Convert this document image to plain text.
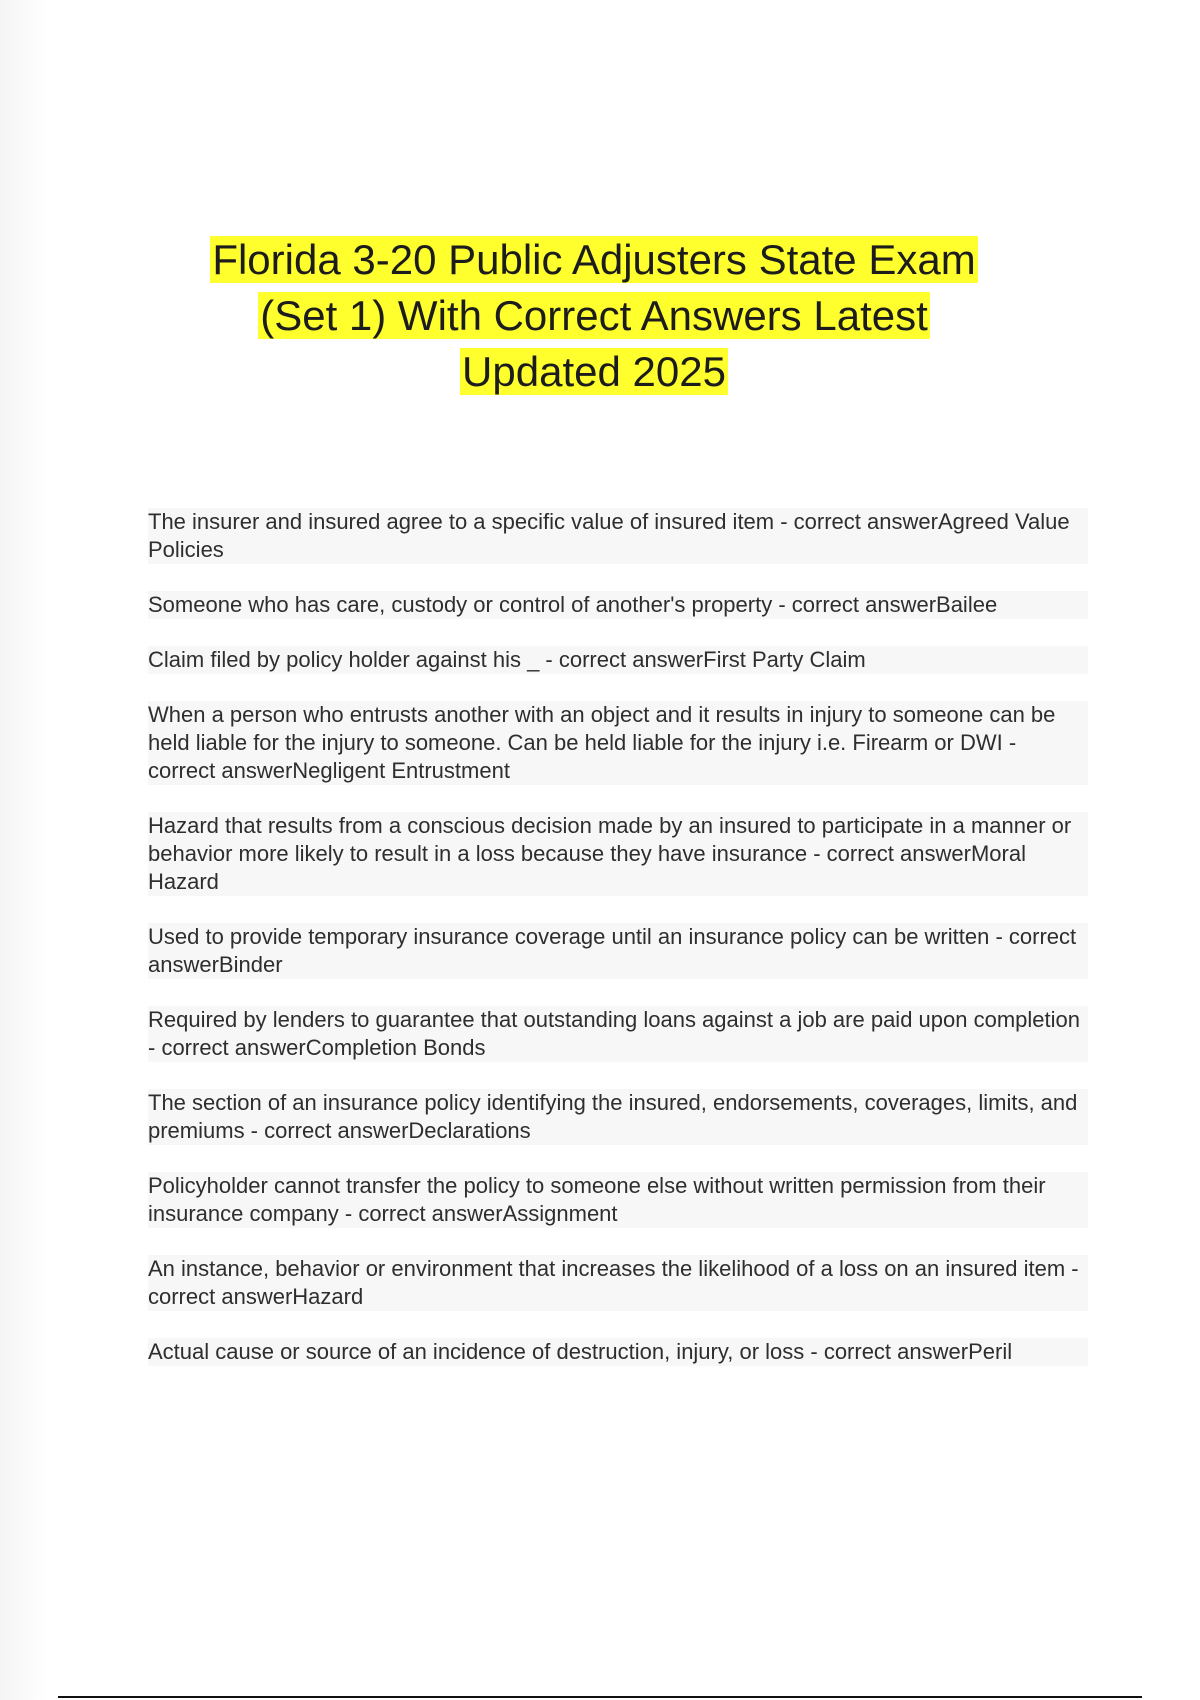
Florida 3-20 Public Adjusters State Exam
(Set 1) With Correct Answers Latest
Updated 2025
The insurer and insured agree to a specific value of insured item - correct answerAgreed Value Policies
Someone who has care, custody or control of another's property - correct answerBailee
Claim filed by policy holder against his _ - correct answerFirst Party Claim
When a person who entrusts another with an object and it results in injury to someone can be held liable for the injury to someone. Can be held liable for the injury i.e. Firearm or DWI - correct answerNegligent Entrustment
Hazard that results from a conscious decision made by an insured to participate in a manner or behavior more likely to result in a loss because they have insurance - correct answerMoral Hazard
Used to provide temporary insurance coverage until an insurance policy can be written - correct answerBinder
Required by lenders to guarantee that outstanding loans against a job are paid upon completion - correct answerCompletion Bonds
The section of an insurance policy identifying the insured, endorsements, coverages, limits, and premiums - correct answerDeclarations
Policyholder cannot transfer the policy to someone else without written permission from their insurance company - correct answerAssignment
An instance, behavior or environment that increases the likelihood of a loss on an insured item - correct answerHazard
Actual cause or source of an incidence of destruction, injury, or loss - correct answerPeril
